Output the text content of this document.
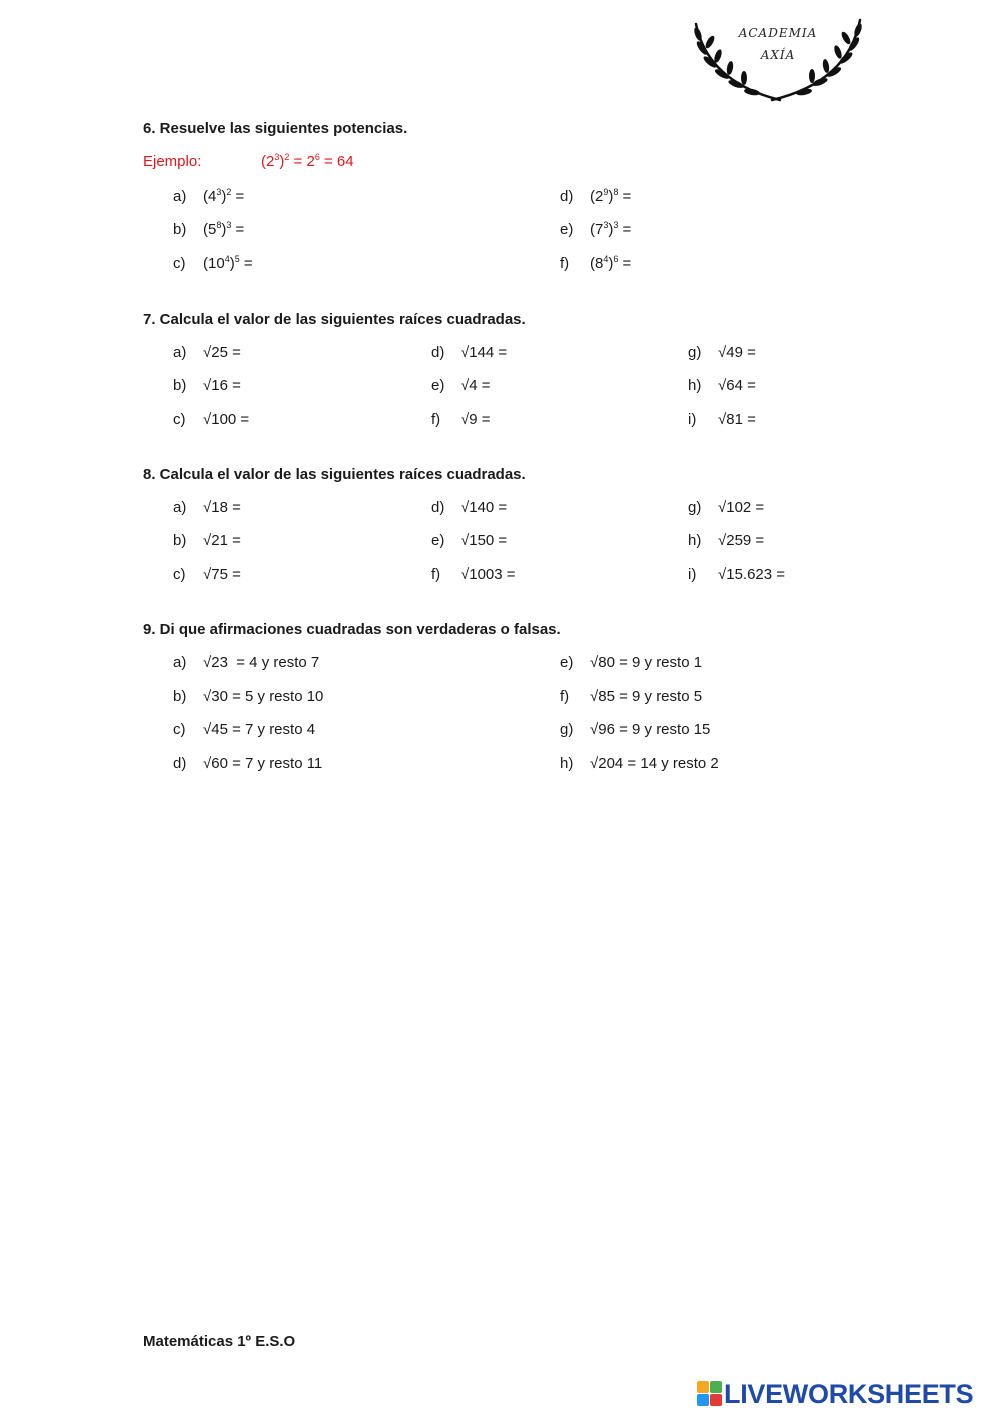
ACADEMIA
AXÍA
6. Resuelve las siguientes potencias.
Ejemplo:	$(2^3)^2 = 2^6 = 64$
a) $(4^3)^2$ =
b) $(5^8)^3$ =
c) $(10^4)^5$ =
d) $(2^9)^8$ =
e) $(7^3)^3$ =
f) $(8^4)^6$ =
7. Calcula el valor de las siguientes raíces cuadradas.
a) √25 =
b) √16 =
c) √100 =
d) √144 =
e) √4 =
f) √9 =
g) √49 =
h) √64 =
i) √81 =
8. Calcula el valor de las siguientes raíces cuadradas.
a) √18 =
b) √21 =
c) √75 =
d) √140 =
e) √150 =
f) √1003 =
g) √102 =
h) √259 =
i) √15.623 =
9. Di que afirmaciones cuadradas son verdaderas o falsas.
a) √23  = 4 y resto 7
b) √30 = 5 y resto 10
c) √45 = 7 y resto 4
d) √60 = 7 y resto 11
e) √80 = 9 y resto 1
f) √85 = 9 y resto 5
g) √96 = 9 y resto 15
h) √204 = 14 y resto 2
Matemáticas 1º E.S.O
LIVEWORKSHEETS
